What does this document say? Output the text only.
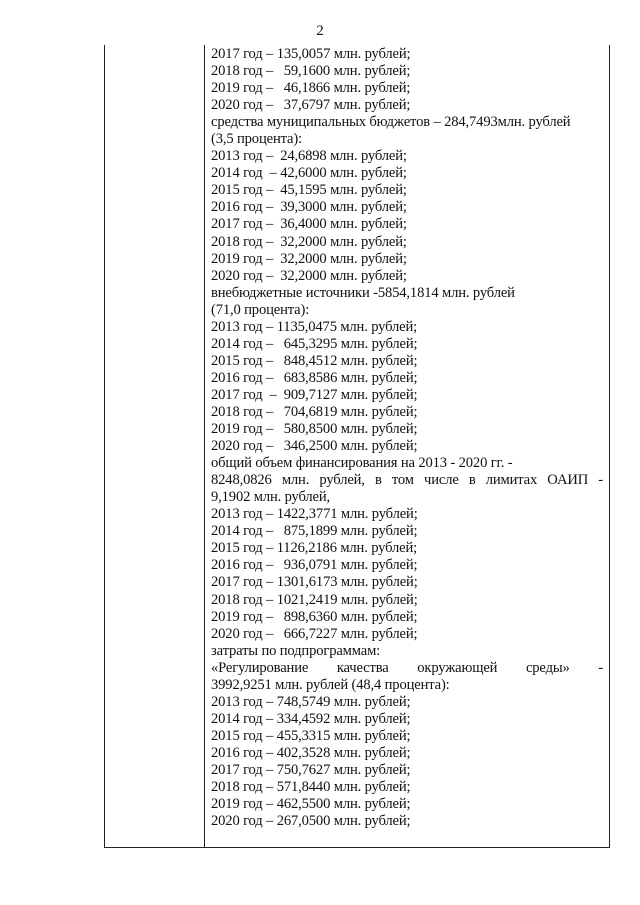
2
2017 год – 135,0057 млн. рублей;
2018 год –   59,1600 млн. рублей;
2019 год –   46,1866 млн. рублей;
2020 год –   37,6797 млн. рублей;
средства муниципальных бюджетов – 284,7493млн. рублей
(3,5 процента):
2013 год –  24,6898 млн. рублей;
2014 год  – 42,6000 млн. рублей;
2015 год –  45,1595 млн. рублей;
2016 год –  39,3000 млн. рублей;
2017 год –  36,4000 млн. рублей;
2018 год –  32,2000 млн. рублей;
2019 год –  32,2000 млн. рублей;
2020 год –  32,2000 млн. рублей;
внебюджетные источники -5854,1814 млн. рублей
(71,0 процента):
2013 год – 1135,0475 млн. рублей;
2014 год –   645,3295 млн. рублей;
2015 год –   848,4512 млн. рублей;
2016 год –   683,8586 млн. рублей;
2017 год  –  909,7127 млн. рублей;
2018 год –   704,6819 млн. рублей;
2019 год –   580,8500 млн. рублей;
2020 год –   346,2500 млн. рублей;
общий объем финансирования на 2013 - 2020 гг. -
8248,0826 млн. рублей, в том числе в лимитах ОАИП -
9,1902 млн. рублей,
2013 год – 1422,3771 млн. рублей;
2014 год –   875,1899 млн. рублей;
2015 год – 1126,2186 млн. рублей;
2016 год –   936,0791 млн. рублей;
2017 год – 1301,6173 млн. рублей;
2018 год – 1021,2419 млн. рублей;
2019 год –   898,6360 млн. рублей;
2020 год –   666,7227 млн. рублей;
затраты по подпрограммам:
«Регулирование качества окружающей среды» -
3992,9251 млн. рублей (48,4 процента):
2013 год – 748,5749 млн. рублей;
2014 год – 334,4592 млн. рублей;
2015 год – 455,3315 млн. рублей;
2016 год – 402,3528 млн. рублей;
2017 год – 750,7627 млн. рублей;
2018 год – 571,8440 млн. рублей;
2019 год – 462,5500 млн. рублей;
2020 год – 267,0500 млн. рублей;
